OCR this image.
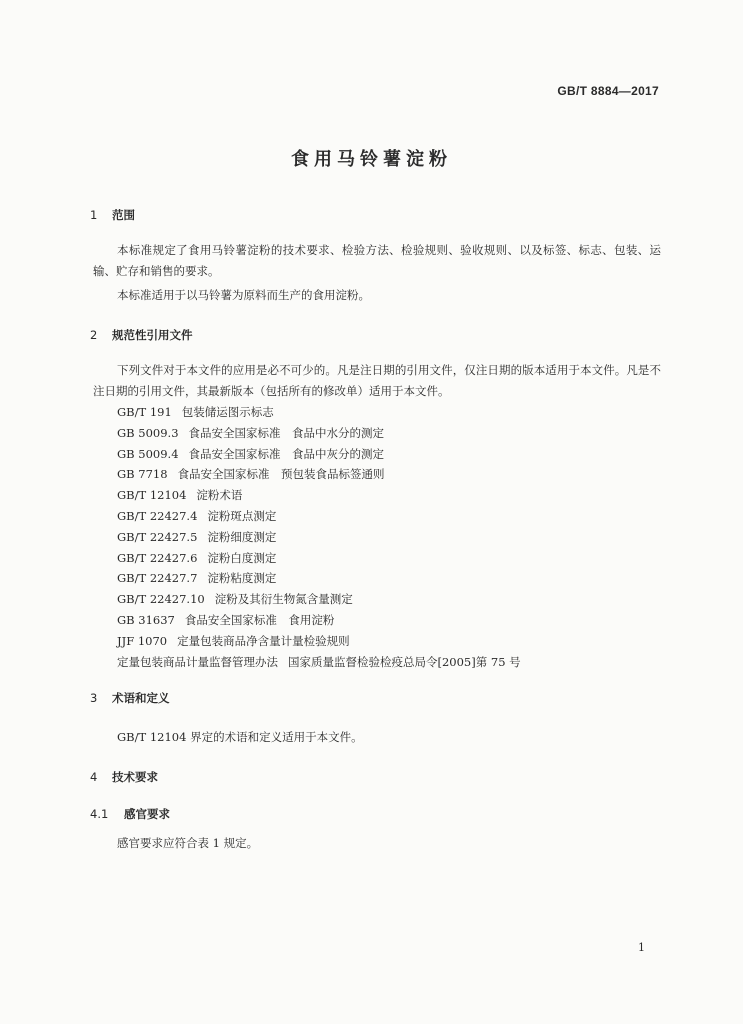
GB/T 8884—2017
食用马铃薯淀粉
1 范围
本标准规定了食用马铃薯淀粉的技术要求、检验方法、检验规则、验收规则、以及标签、标志、包装、运输、贮存和销售的要求。
本标准适用于以马铃薯为原料而生产的食用淀粉。
2 规范性引用文件
下列文件对于本文件的应用是必不可少的。凡是注日期的引用文件，仅注日期的版本适用于本文件。凡是不注日期的引用文件，其最新版本（包括所有的修改单）适用于本文件。
GB/T 191 包装储运图示标志
GB 5009.3 食品安全国家标准　食品中水分的测定
GB 5009.4 食品安全国家标准　食品中灰分的测定
GB 7718 食品安全国家标准　预包装食品标签通则
GB/T 12104 淀粉术语
GB/T 22427.4 淀粉斑点测定
GB/T 22427.5 淀粉细度测定
GB/T 22427.6 淀粉白度测定
GB/T 22427.7 淀粉粘度测定
GB/T 22427.10 淀粉及其衍生物氮含量测定
GB 31637 食品安全国家标准　食用淀粉
JJF 1070 定量包装商品净含量计量检验规则
定量包装商品计量监督管理办法 国家质量监督检验检疫总局令[2005]第 75 号
3 术语和定义
GB/T 12104 界定的术语和定义适用于本文件。
4 技术要求
4.1 感官要求
感官要求应符合表 1 规定。
1
